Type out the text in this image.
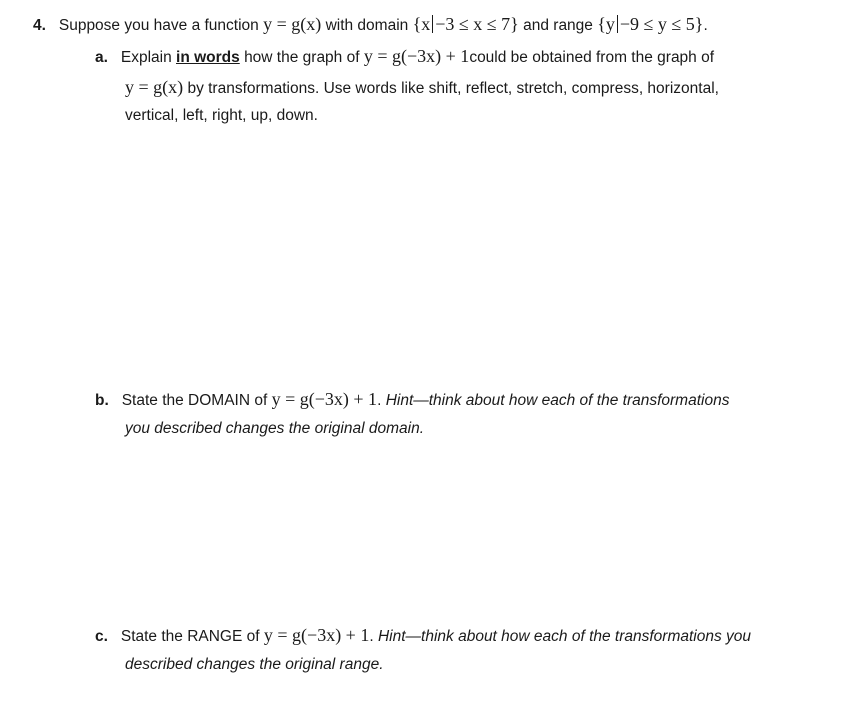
4. Suppose you have a function y = g(x) with domain {x −3 ≤ x ≤ 7} and range {y −9 ≤ y ≤ 5}.
a. Explain in words how the graph of y = g(−3x) + 1could be obtained from the graph of
y = g(x) by transformations. Use words like shift, reflect, stretch, compress, horizontal,
vertical, left, right, up, down.
b. State the DOMAIN of y = g(−3x) + 1. Hint—think about how each of the transformations
you described changes the original domain.
c. State the RANGE of y = g(−3x) + 1. Hint—think about how each of the transformations you
described changes the original range.
